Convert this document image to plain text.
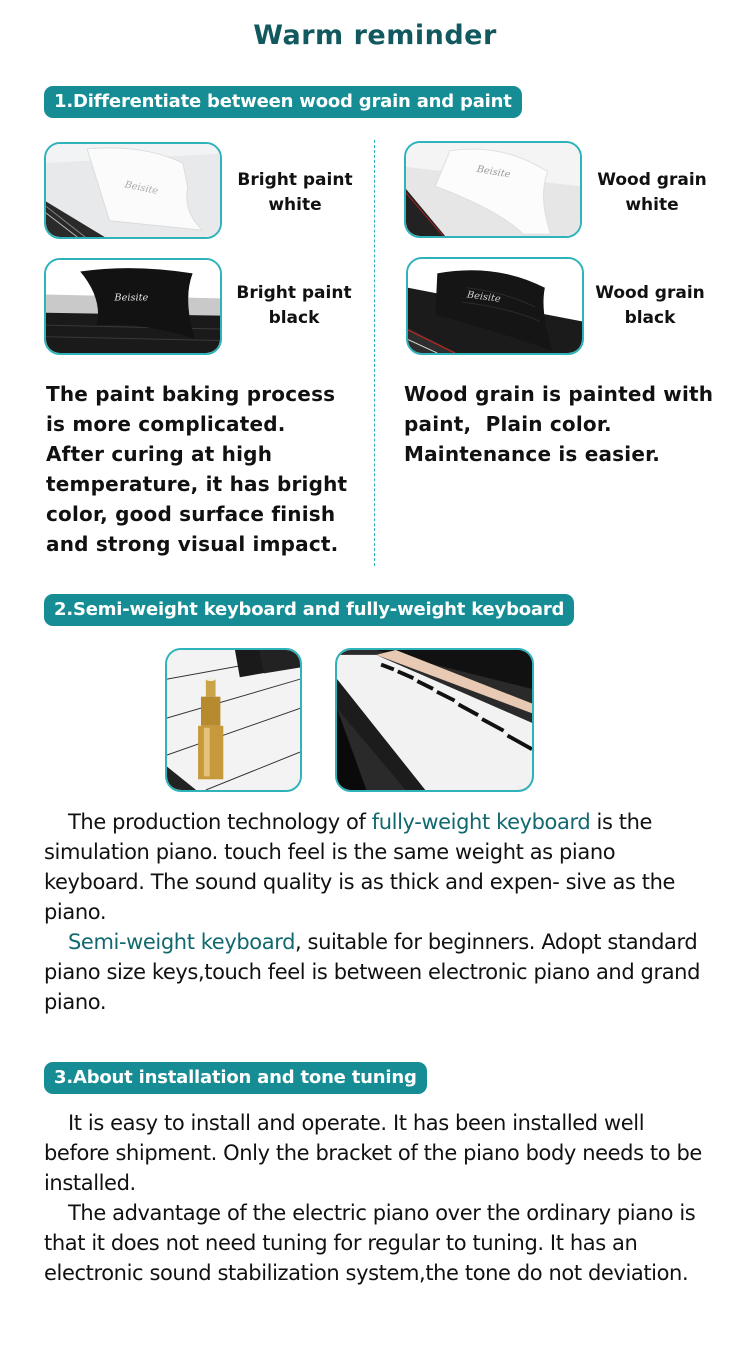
Warm reminder
1.Differentiate between wood grain and paint
Beisite	Bright paint
white
Beisite	Bright paint
black
Beisite	Wood grain
white
Beisite	Wood grain
black
The paint baking process
is more complicated.
After curing at high
temperature, it has bright
color, good surface finish
and strong visual impact.
Wood grain is painted with
paint,  Plain color.
Maintenance is easier.
2.Semi-weight keyboard and fully-weight keyboard

The production technology of fully-weight keyboard is the simulation piano. touch feel is the same weight as piano keyboard. The sound quality is as thick and expen- sive as the piano.

Semi-weight keyboard, suitable for beginners. Adopt standard piano size keys,touch feel is between electronic piano and grand piano.

3.About installation and tone tuning

It is easy to install and operate. It has been installed well before shipment. Only the bracket of the piano body needs to be installed.

The advantage of the electric piano over the ordinary piano is that it does not need tuning for regular to tuning. It has an electronic sound stabilization system,the tone do not deviation.
